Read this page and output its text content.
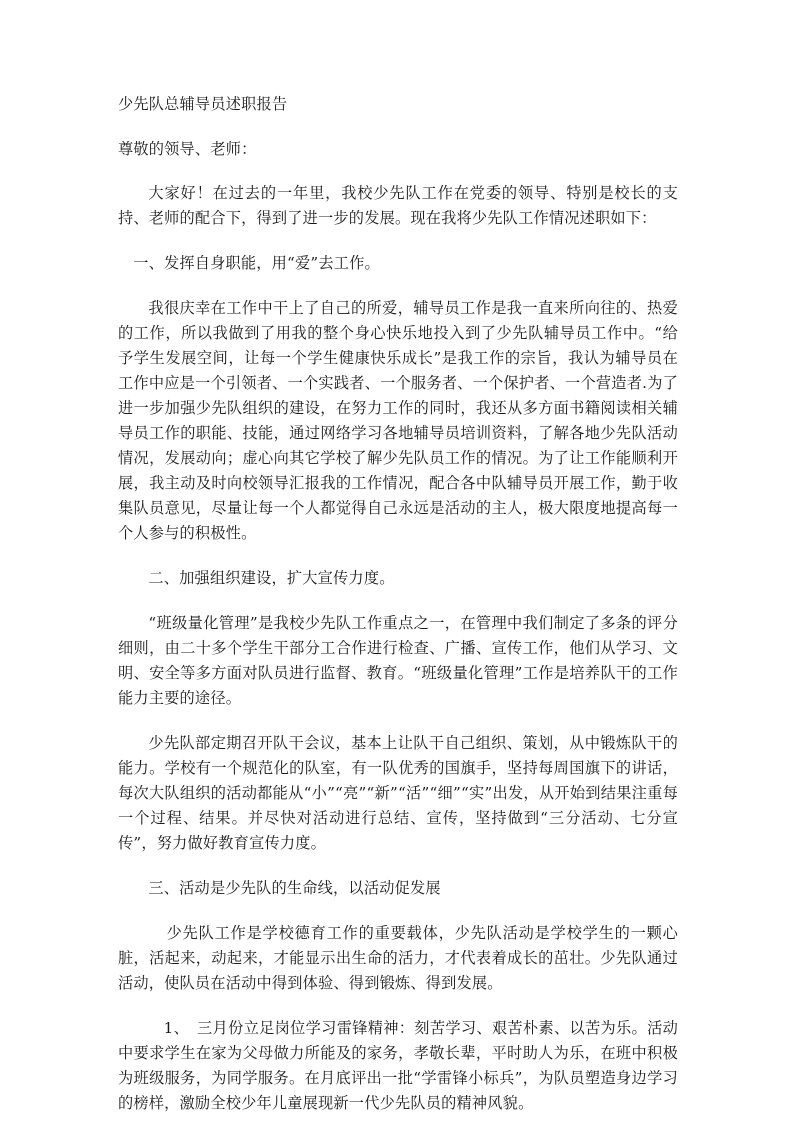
少先队总辅导员述职报告

尊敬的领导、老师：

大家好！在过去的一年里，我校少先队工作在党委的领导、特别是校长的支持、老师的配合下，得到了进一步的发展。现在我将少先队工作情况述职如下：

一、发挥自身职能，用“爱”去工作。

我很庆幸在工作中干上了自己的所爱，辅导员工作是我一直来所向往的、热爱的工作，所以我做到了用我的整个身心快乐地投入到了少先队辅导员工作中。“给予学生发展空间，让每一个学生健康快乐成长”是我工作的宗旨，我认为辅导员在工作中应是一个引领者、一个实践者、一个服务者、一个保护者、一个营造者.为了进一步加强少先队组织的建设，在努力工作的同时，我还从多方面书籍阅读相关辅导员工作的职能、技能，通过网络学习各地辅导员培训资料，了解各地少先队活动情况，发展动向；虚心向其它学校了解少先队员工作的情况。为了让工作能顺利开展，我主动及时向校领导汇报我的工作情况，配合各中队辅导员开展工作，勤于收集队员意见，尽量让每一个人都觉得自己永远是活动的主人，极大限度地提高每一个人参与的积极性。

二、加强组织建设，扩大宣传力度。

“班级量化管理”是我校少先队工作重点之一，在管理中我们制定了多条的评分细则，由二十多个学生干部分工合作进行检查、广播、宣传工作，他们从学习、文明、安全等多方面对队员进行监督、教育。“班级量化管理”工作是培养队干的工作能力主要的途径。

少先队部定期召开队干会议，基本上让队干自己组织、策划，从中锻炼队干的能力。学校有一个规范化的队室，有一队优秀的国旗手，坚持每周国旗下的讲话，每次大队组织的活动都能从“小”“亮”“新”“活”“细”“实”出发，从开始到结果注重每一个过程、结果。并尽快对活动进行总结、宣传，坚持做到“三分活动、七分宣传”，努力做好教育宣传力度。

三、活动是少先队的生命线，以活动促发展

少先队工作是学校德育工作的重要载体，少先队活动是学校学生的一颗心脏，活起来，动起来，才能显示出生命的活力，才代表着成长的茁壮。少先队通过活动，使队员在活动中得到体验、得到锻炼、得到发展。

1、　三月份立足岗位学习雷锋精神：刻苦学习、艰苦朴素、以苦为乐。活动中要求学生在家为父母做力所能及的家务，孝敬长辈，平时助人为乐，在班中积极为班级服务，为同学服务。在月底评出一批“学雷锋小标兵”，为队员塑造身边学习的榜样，激励全校少年儿童展现新一代少先队员的精神风貌。
